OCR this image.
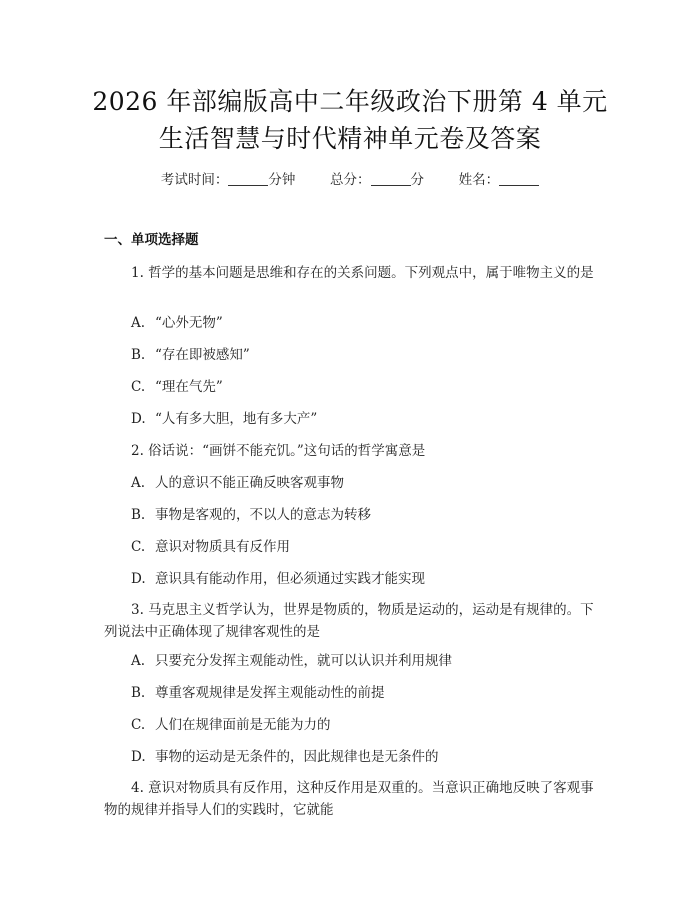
2026 年部编版高中二年级政治下册第 4 单元
生活智慧与时代精神单元卷及答案
考试时间：	分钟	总分：	分	姓名：
一、单项选择题
1. 哲学的基本问题是思维和存在的关系问题。下列观点中，属于唯物主义的是
A. “心外无物”
B. “存在即被感知”
C. “理在气先”
D. “人有多大胆，地有多大产”
2. 俗话说：“画饼不能充饥。”这句话的哲学寓意是
A. 人的意识不能正确反映客观事物
B. 事物是客观的，不以人的意志为转移
C. 意识对物质具有反作用
D. 意识具有能动作用，但必须通过实践才能实现
3. 马克思主义哲学认为，世界是物质的，物质是运动的，运动是有规律的。下列说法中正确体现了规律客观性的是
A. 只要充分发挥主观能动性，就可以认识并利用规律
B. 尊重客观规律是发挥主观能动性的前提
C. 人们在规律面前是无能为力的
D. 事物的运动是无条件的，因此规律也是无条件的
4. 意识对物质具有反作用，这种反作用是双重的。当意识正确地反映了客观事物的规律并指导人们的实践时，它就能
